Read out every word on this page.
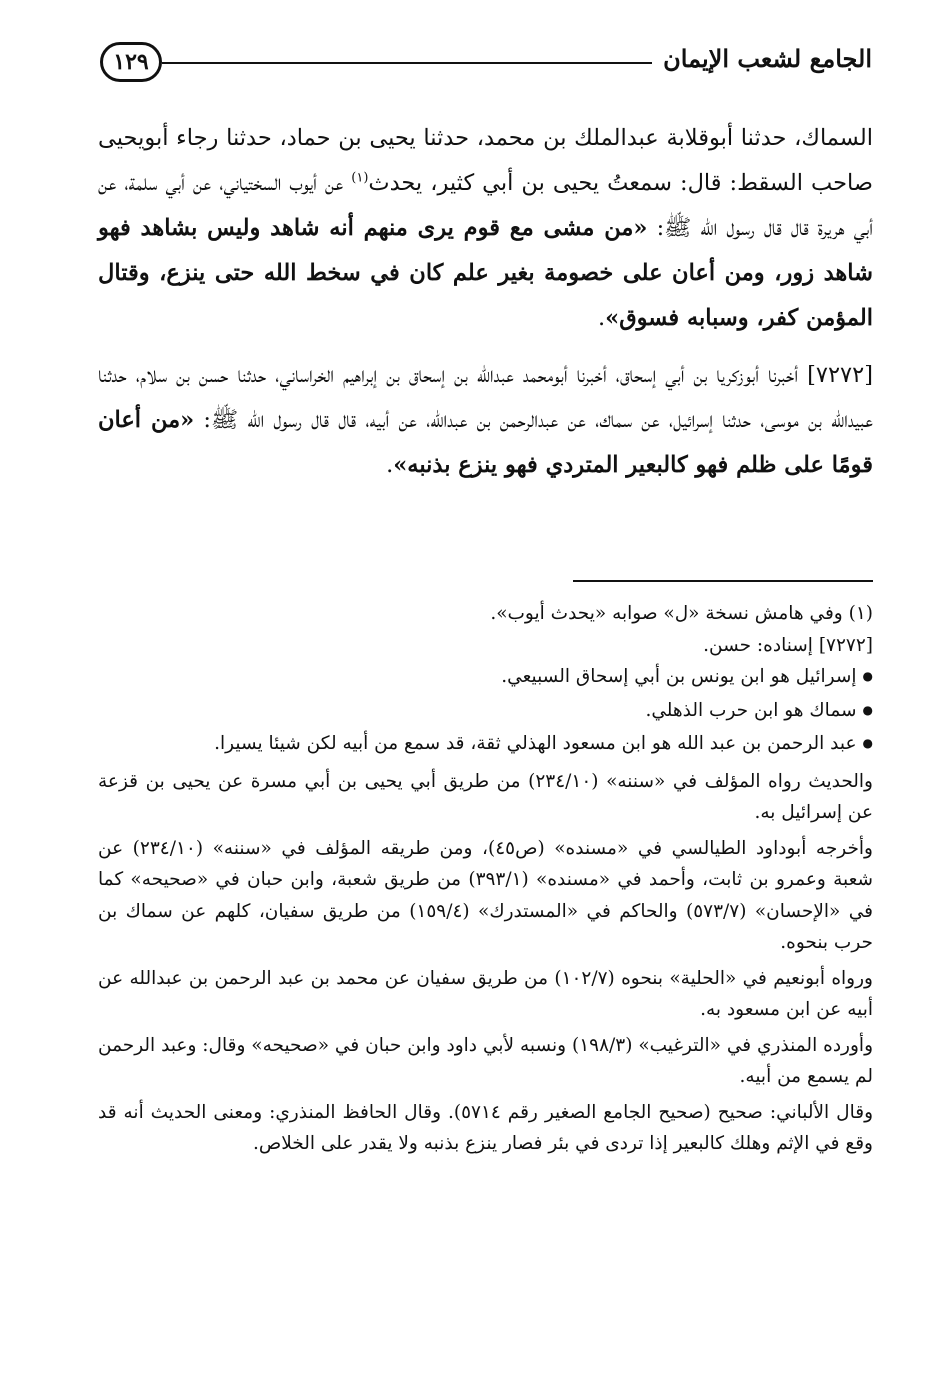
١٢٩	الجامع لشعب الإيمان

السماك، حدثنا أبوقلابة عبدالملك بن محمد، حدثنا يحيى بن حماد، حدثنا رجاء أبويحيى صاحب السقط: قال: سمعتُ يحيى بن أبي كثير، يحدث$^{(١)}$ عن أيوب السختياني، عن أبي سلمة، عن أبي هريرة قال قال رسول الله ﷺ: «من مشى مع قوم يرى منهم أنه شاهد وليس بشاهد فهو شاهد زور، ومن أعان على خصومة بغير علم كان في سخط الله حتى ينزع، وقتال المؤمن كفر، وسبابه فسوق».

[٧٢٧٢] أخبرنا أبوزكريا بن أبي إسحاق، أخبرنا أبومحمد عبدالله بن إسحاق بن إبراهيم الخراساني، حدثنا حسن بن سلام، حدثنا عبيدالله بن موسى، حدثنا إسرائيل، عن سماك، عن عبدالرحمن بن عبدالله، عن أبيه، قال قال رسول الله ﷺ: «من أعان قومًا على ظلم فهو كالبعير المتردي فهو ينزع بذنبه».

(١) وفي هامش نسخة «ل» صوابه «يحدث أيوب».

[٧٢٧٢] إسناده: حسن.

● إسرائيل هو ابن يونس بن أبي إسحاق السبيعي.

● سماك هو ابن حرب الذهلي.

● عبد الرحمن بن عبد الله هو ابن مسعود الهذلي ثقة، قد سمع من أبيه لكن شيئا يسيرا.

والحديث رواه المؤلف في «سننه» (٢٣٤/١٠) من طريق أبي يحيى بن أبي مسرة عن يحيى بن قزعة عن إسرائيل به.

وأخرجه أبوداود الطيالسي في «مسنده» (ص٤٥)، ومن طريقه المؤلف في «سننه» (٢٣٤/١٠) عن شعبة وعمرو بن ثابت، وأحمد في «مسنده» (٣٩٣/١) من طريق شعبة، وابن حبان في «صحيحه» كما في «الإحسان» (٥٧٣/٧) والحاكم في «المستدرك» (١٥٩/٤) من طريق سفيان، كلهم عن سماك بن حرب بنحوه.

ورواه أبونعيم في «الحلية» بنحوه (١٠٢/٧) من طريق سفيان عن محمد بن عبد الرحمن بن عبدالله عن أبيه عن ابن مسعود به.

وأورده المنذري في «الترغيب» (١٩٨/٣) ونسبه لأبي داود وابن حبان في «صحيحه» وقال: وعبد الرحمن لم يسمع من أبيه.

وقال الألباني: صحيح (صحيح الجامع الصغير رقم ٥٧١٤). وقال الحافظ المنذري: ومعنى الحديث أنه قد وقع في الإثم وهلك كالبعير إذا تردى في بئر فصار ينزع بذنبه ولا يقدر على الخلاص.
